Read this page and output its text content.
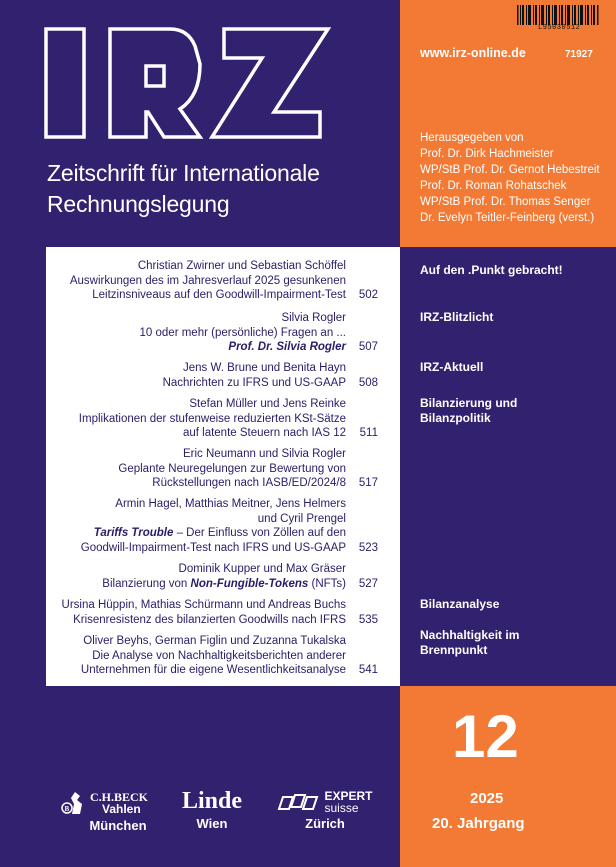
Zeitschrift für Internationale
Rechnungslegung
L95030512
www.irz-online.de	71927
Herausgegeben von
Prof. Dr. Dirk Hachmeister
WP/StB Prof. Dr. Gernot Hebestreit
Prof. Dr. Roman Rohatschek
WP/StB Prof. Dr. Thomas Senger
Dr. Evelyn Teitler-Feinberg (verst.)
Christian Zwirner und Sebastian Schöffel
Auswirkungen des im Jahresverlauf 2025 gesunkenen
Leitzinsniveaus auf den Goodwill-Impairment-Test 502
Silvia Rogler
10 oder mehr (persönliche) Fragen an ...
Prof. Dr. Silvia Rogler 507
Jens W. Brune und Benita Hayn
Nachrichten zu IFRS und US-GAAP 508
Stefan Müller und Jens Reinke
Implikationen der stufenweise reduzierten KSt-Sätze
auf latente Steuern nach IAS 12 511
Eric Neumann und Silvia Rogler
Geplante Neuregelungen zur Bewertung von
Rückstellungen nach IASB/ED/2024/8 517
Armin Hagel, Matthias Meitner, Jens Helmers
und Cyril Prengel
Tariffs Trouble – Der Einfluss von Zöllen auf den
Goodwill-Impairment-Test nach IFRS und US-GAAP 523
Dominik Kupper und Max Gräser
Bilanzierung von Non-Fungible-Tokens (NFTs) 527
Ursina Hüppin, Mathias Schürmann und Andreas Buchs
Krisenresistenz des bilanzierten Goodwills nach IFRS 535
Oliver Beyhs, German Figlin und Zuzanna Tukalska
Die Analyse von Nachhaltigkeitsberichten anderer
Unternehmen für die eigene Wesentlichkeitsanalyse 541
Auf den .Punkt gebracht!
IRZ-Blitzlicht
IRZ-Aktuell
Bilanzierung und
Bilanzpolitik
Bilanzanalyse
Nachhaltigkeit im
Brennpunkt
12
2025
20. Jahrgang
B
C.H.BECK
Vahlen
München
Linde
Wien
EXPERT
suisse
Zürich
